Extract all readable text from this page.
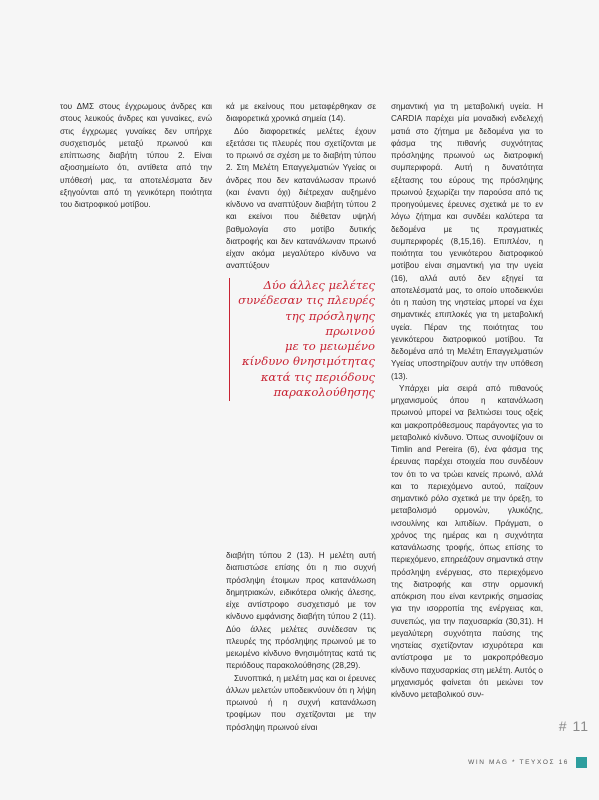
του ΔΜΣ στους έγχρωμους άνδρες και στους λευκούς άνδρες και γυναίκες, ενώ στις έγχρωμες γυναίκες δεν υπήρχε συσχετισμός μεταξύ πρωινού και επίπτωσης διαβήτη τύπου 2. Είναι αξιοσημείωτο ότι, αντίθετα από την υπόθεσή μας, τα αποτελέσματα δεν εξηγούνται από τη γενικότερη ποιότητα του διατροφικού μοτίβου.

κά με εκείνους που μεταφέρθηκαν σε διαφορετικά χρονικά σημεία (14).

Δύο διαφορετικές μελέτες έχουν εξετάσει τις πλευρές που σχετίζονται με το πρωινό σε σχέση με το διαβήτη τύπου 2. Στη Μελέτη Επαγγελματιών Υγείας οι άνδρες που δεν κατανάλωσαν πρωινό (και έναντι όχι) διέτρεχαν αυξημένο κίνδυνο να αναπτύξουν διαβήτη τύπου 2 και εκείνοι που διέθεταν υψηλή βαθμολογία στο μοτίβο δυτικής διατροφής και δεν κατανάλωναν πρωινό είχαν ακόμα μεγαλύτερο κίνδυνο να αναπτύξουν

Δύο άλλες μελέτες
συνέδεσαν τις πλευρές
της πρόσληψης πρωινού
με το μειωμένο
κίνδυνο θνησιμότητας
κατά τις περιόδους
παρακολούθησης

διαβήτη τύπου 2 (13). Η μελέτη αυτή διαπιστώσε επίσης ότι η πιο συχνή πρόσληψη έτοιμων προς κατανάλωση δημητριακών, ειδικότερα ολικής άλεσης, είχε αντίστροφο συσχετισμό με τον κίνδυνο εμφάνισης διαβήτη τύπου 2 (11). Δύο άλλες μελέτες συνέδεσαν τις πλευρές της πρόσληψης πρωινού με το μειωμένο κίνδυνο θνησιμότητας κατά τις περιόδους παρακολούθησης (28,29).

Συνοπτικά, η μελέτη μας και οι έρευνες άλλων μελετών υποδεικνύουν ότι η λήψη πρωινού ή η συχνή κατανάλωση τροφίμων που σχετίζονται με την πρόσληψη πρωινού είναι

σημαντική για τη μεταβολική υγεία. Η CARDIA παρέχει μία μοναδική ενδελεχή ματιά στο ζήτημα με δεδομένα για το φάσμα της πιθανής συχνότητας πρόσληψης πρωινού ως διατροφική συμπεριφορά. Αυτή η δυνατότητα εξέτασης του εύρους της πρόσληψης πρωινού ξεχωρίζει την παρούσα από τις προηγούμενες έρευνες σχετικά με το εν λόγω ζήτημα και συνδέει καλύτερα τα δεδομένα με τις πραγματικές συμπεριφορές (8,15,16). Επιπλέον, η ποιότητα του γενικότερου διατροφικού μοτίβου είναι σημαντική για την υγεία (16), αλλά αυτό δεν εξηγεί τα αποτελέσματά μας, το οποίο υποδεικνύει ότι η παύση της νηστείας μπορεί να έχει σημαντικές επιπλοκές για τη μεταβολική υγεία. Πέραν της ποιότητας του γενικότερου διατροφικού μοτίβου. Τα δεδομένα από τη Μελέτη Επαγγελματιών Υγείας υποστηρίζουν αυτήν την υπόθεση (13).

Υπάρχει μία σειρά από πιθανούς μηχανισμούς όπου η κατανάλωση πρωινού μπορεί να βελτιώσει τους οξείς και μακροπρόθεσμους παράγοντες για το μεταβολικό κίνδυνο. Όπως συνοψίζουν οι Timlin and Pereira (6), ένα φάσμα της έρευνας παρέχει στοιχεία που συνδέουν τον ότι το να τρώει κανείς πρωινό, αλλά και το περιεχόμενο αυτού, παίζουν σημαντικό ρόλο σχετικά με την όρεξη, το μεταβολισμό ορμονών, γλυκόζης, ινσουλίνης και λιπιδίων. Πράγματι, ο χρόνος της ημέρας και η συχνότητα κατανάλωσης τροφής, όπως επίσης το περιεχόμενο, επηρεάζουν σημαντικά στην πρόσληψη ενέργειας, στο περιεχόμενο της διατροφής και στην ορμονική απόκριση που είναι κεντρικής σημασίας για την ισορροπία της ενέργειας και, συνεπώς, για την παχυσαρκία (30,31). Η μεγαλύτερη συχνότητα παύσης της νηστείας σχετίζονταν ισχυρότερα και αντίστροφα με το μακροπρόθεσμο κίνδυνο παχυσαρκίας στη μελέτη. Αυτός ο μηχανισμός φαίνεται ότι μειώνει τον κίνδυνο μεταβολικού συν-

# 11
WIN MAG * ΤΕΥΧΟΣ 16
